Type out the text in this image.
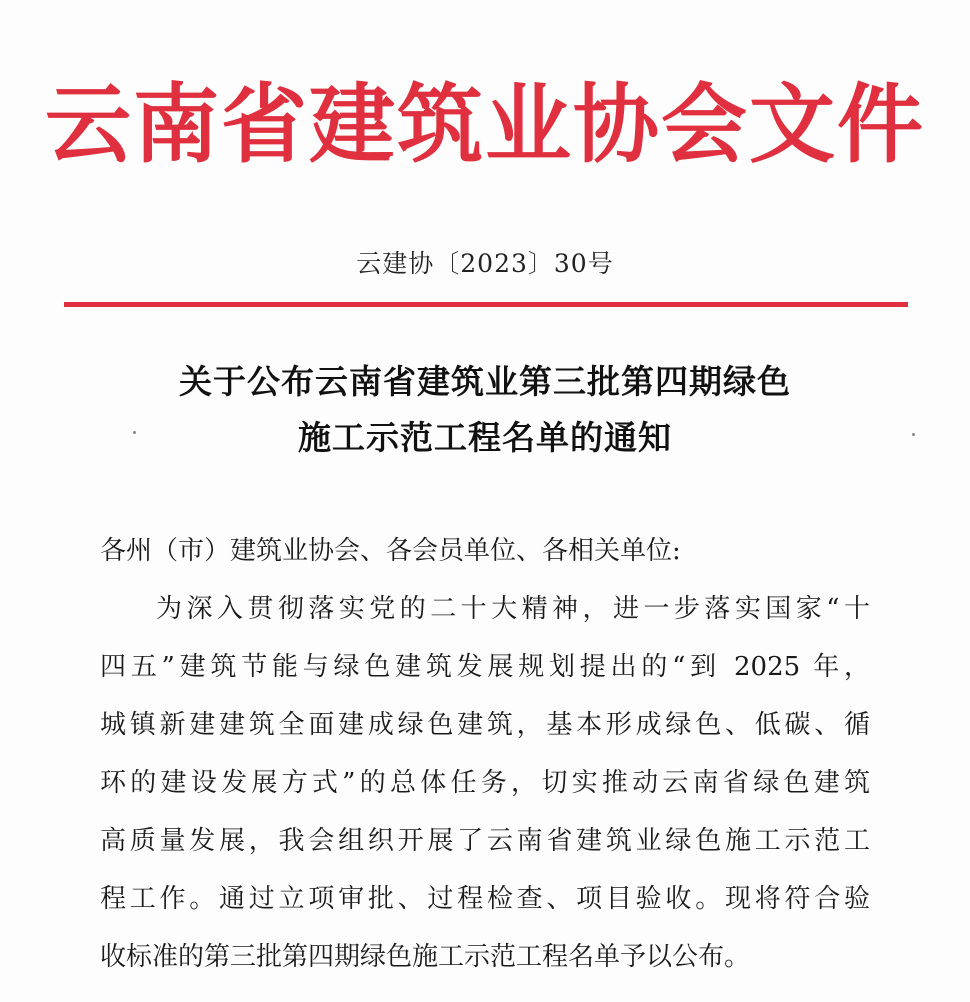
云南省建筑业协会文件
云建协〔2023〕30号
关于公布云南省建筑业第三批第四期绿色
施工示范工程名单的通知
各州（市）建筑业协会、各会员单位、各相关单位:
为深入贯彻落实党的二十大精神，进一步落实国家“十
四五”建筑节能与绿色建筑发展规划提出的“到 2025 年，
城镇新建建筑全面建成绿色建筑，基本形成绿色、低碳、循
环的建设发展方式”的总体任务，切实推动云南省绿色建筑
高质量发展，我会组织开展了云南省建筑业绿色施工示范工
程工作。通过立项审批、过程检查、项目验收。现将符合验
收标准的第三批第四期绿色施工示范工程名单予以公布。
